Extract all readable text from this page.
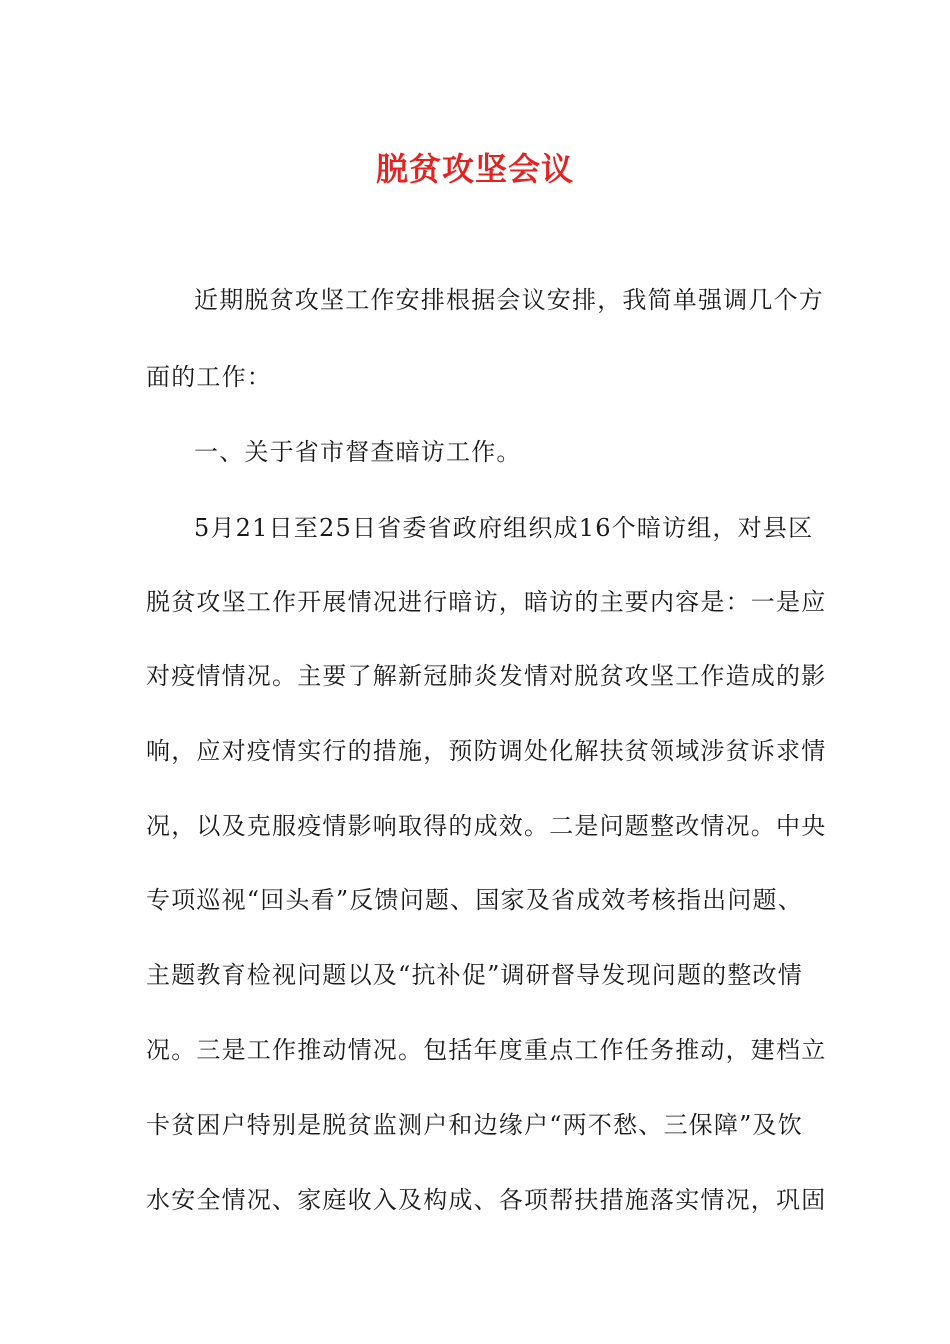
脱贫攻坚会议
近期脱贫攻坚工作安排根据会议安排，我简单强调几个方
面的工作：
一、关于省市督查暗访工作。
5月21日至25日省委省政府组织成16个暗访组，对县区
脱贫攻坚工作开展情况进行暗访，暗访的主要内容是：一是应
对疫情情况。主要了解新冠肺炎发情对脱贫攻坚工作造成的影
响，应对疫情实行的措施，预防调处化解扶贫领域涉贫诉求情
况，以及克服疫情影响取得的成效。二是问题整改情况。中央
专项巡视“回头看”反馈问题、国家及省成效考核指出问题、
主题教育检视问题以及“抗补促”调研督导发现问题的整改情
况。三是工作推动情况。包括年度重点工作任务推动，建档立
卡贫困户特别是脱贫监测户和边缘户“两不愁、三保障”及饮
水安全情况、家庭收入及构成、各项帮扶措施落实情况，巩固
